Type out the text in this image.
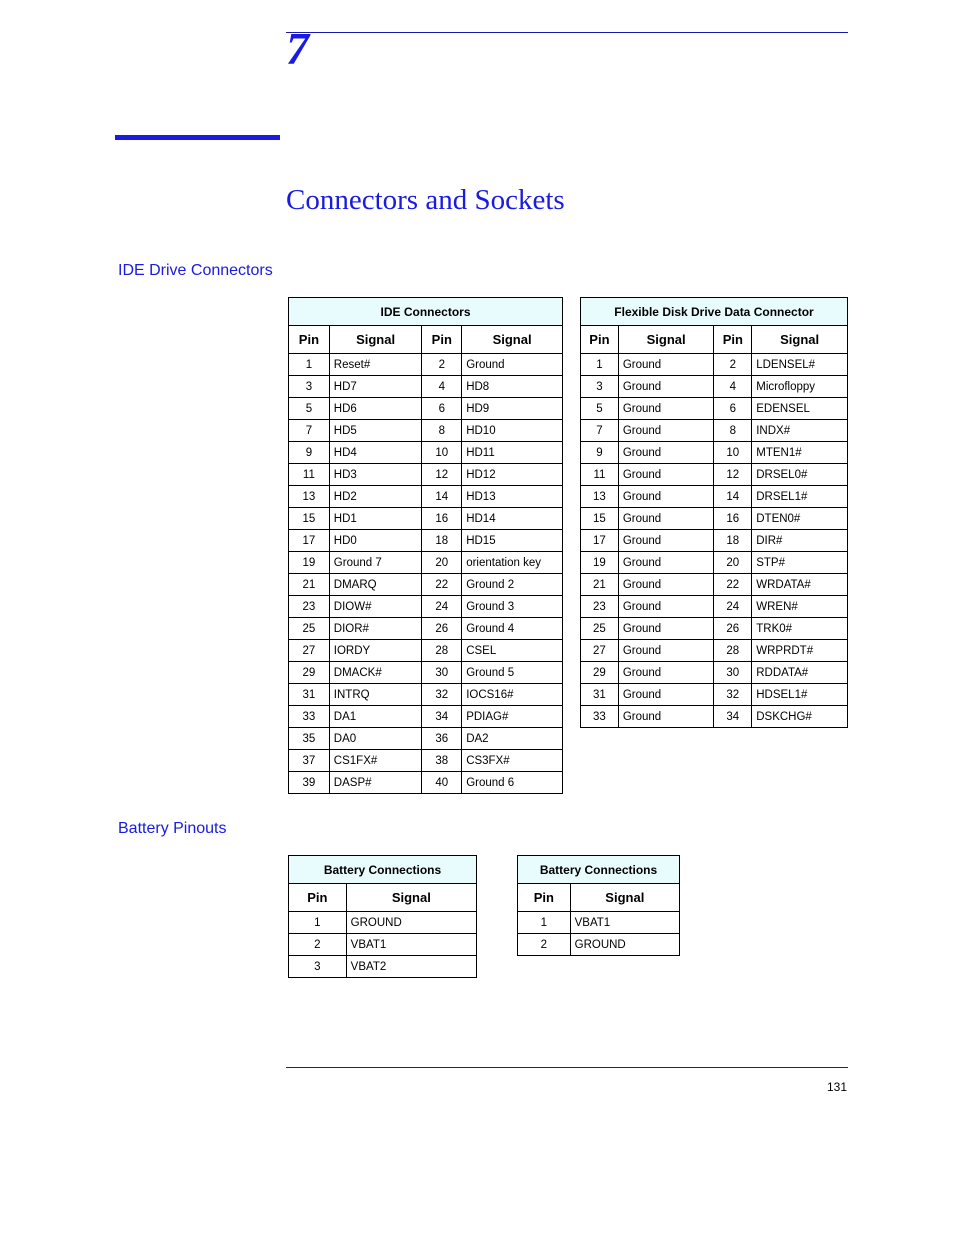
7
Connectors and Sockets
IDE Drive Connectors
IDE Connectors			
Pin	Signal	Pin	Signal
1	Reset#	2	Ground
3	HD7	4	HD8
5	HD6	6	HD9
7	HD5	8	HD10
9	HD4	10	HD11
11	HD3	12	HD12
13	HD2	14	HD13
15	HD1	16	HD14
17	HD0	18	HD15
19	Ground 7	20	orientation key
21	DMARQ	22	Ground 2
23	DIOW#	24	Ground 3
25	DIOR#	26	Ground 4
27	IORDY	28	CSEL
29	DMACK#	30	Ground 5
31	INTRQ	32	IOCS16#
33	DA1	34	PDIAG#
35	DA0	36	DA2
37	CS1FX#	38	CS3FX#
39	DASP#	40	Ground 6
Flexible Disk Drive Data Connector			
Pin	Signal	Pin	Signal
1	Ground	2	LDENSEL#
3	Ground	4	Microfloppy
5	Ground	6	EDENSEL
7	Ground	8	INDX#
9	Ground	10	MTEN1#
11	Ground	12	DRSEL0#
13	Ground	14	DRSEL1#
15	Ground	16	DTEN0#
17	Ground	18	DIR#
19	Ground	20	STP#
21	Ground	22	WRDATA#
23	Ground	24	WREN#
25	Ground	26	TRK0#
27	Ground	28	WRPRDT#
29	Ground	30	RDDATA#
31	Ground	32	HDSEL1#
33	Ground	34	DSKCHG#
Battery Pinouts
Battery Connections	
Pin	Signal
1	GROUND
2	VBAT1
3	VBAT2
Battery Connections	
Pin	Signal
1	VBAT1
2	GROUND
131
